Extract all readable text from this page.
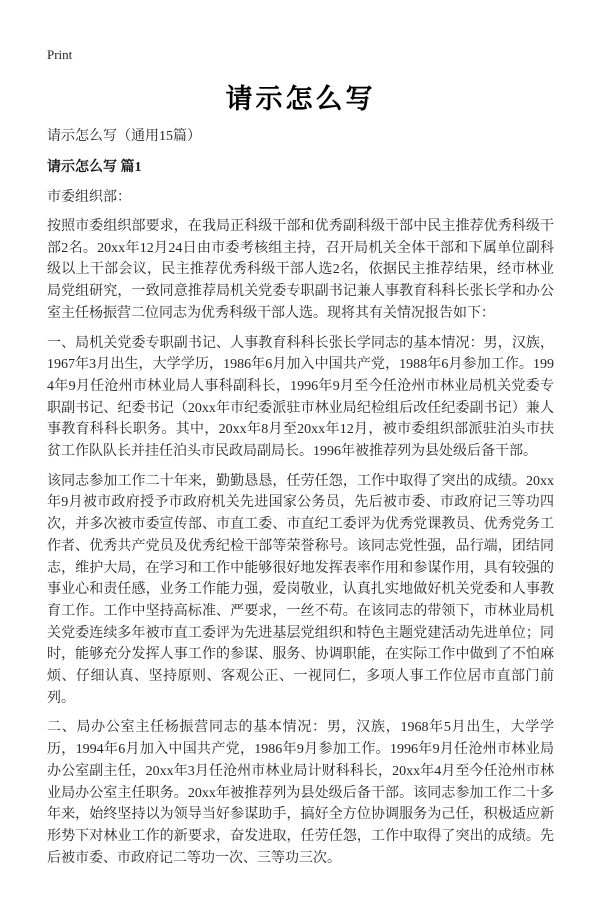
Print
请示怎么写
请示怎么写（通用15篇）
请示怎么写 篇1

市委组织部：

按照市委组织部要求，在我局正科级干部和优秀副科级干部中民主推荐优秀科级干部2名。20xx年12月24日由市委考核组主持，召开局机关全体干部和下属单位副科级以上干部会议，民主推荐优秀科级干部人选2名，依据民主推荐结果，经市林业局党组研究，一致同意推荐局机关党委专职副书记兼人事教育科科长张长学和办公室主任杨振营二位同志为优秀科级干部人选。现将其有关情况报告如下：

一、局机关党委专职副书记、人事教育科科长张长学同志的基本情况：男，汉族，1967年3月出生，大学学历，1986年6月加入中国共产党，1988年6月参加工作。1994年9月任沧州市林业局人事科副科长，1996年9月至今任沧州市林业局机关党委专职副书记、纪委书记（20xx年市纪委派驻市林业局纪检组后改任纪委副书记）兼人事教育科科长职务。其中，20xx年8月至20xx年12月，被市委组织部派驻泊头市扶贫工作队队长并挂任泊头市民政局副局长。1996年被推荐列为县处级后备干部。

该同志参加工作二十年来，勤勤恳恳，任劳任怨，工作中取得了突出的成绩。20xx年9月被市政府授予市政府机关先进国家公务员，先后被市委、市政府记三等功四次，并多次被市委宣传部、市直工委、市直纪工委评为优秀党课教员、优秀党务工作者、优秀共产党员及优秀纪检干部等荣誉称号。该同志党性强，品行端，团结同志，维护大局，在学习和工作中能够很好地发挥表率作用和参谋作用，具有较强的事业心和责任感，业务工作能力强，爱岗敬业，认真扎实地做好机关党委和人事教育工作。工作中坚持高标准、严要求，一丝不苟。在该同志的带领下，市林业局机关党委连续多年被市直工委评为先进基层党组织和特色主题党建活动先进单位；同时，能够充分发挥人事工作的参谋、服务、协调职能，在实际工作中做到了不怕麻烦、仔细认真、坚持原则、客观公正、一视同仁，多项人事工作位居市直部门前列。

二、局办公室主任杨振营同志的基本情况：男，汉族，1968年5月出生，大学学历，1994年6月加入中国共产党，1986年9月参加工作。1996年9月任沧州市林业局办公室副主任，20xx年3月任沧州市林业局计财科科长，20xx年4月至今任沧州市林业局办公室主任职务。20xx年被推荐列为县处级后备干部。该同志参加工作二十多年来，始终坚持以为领导当好参谋助手，搞好全方位协调服务为己任，积极适应新形势下对林业工作的新要求，奋发进取，任劳任怨，工作中取得了突出的成绩。先后被市委、市政府记二等功一次、三等功三次。
